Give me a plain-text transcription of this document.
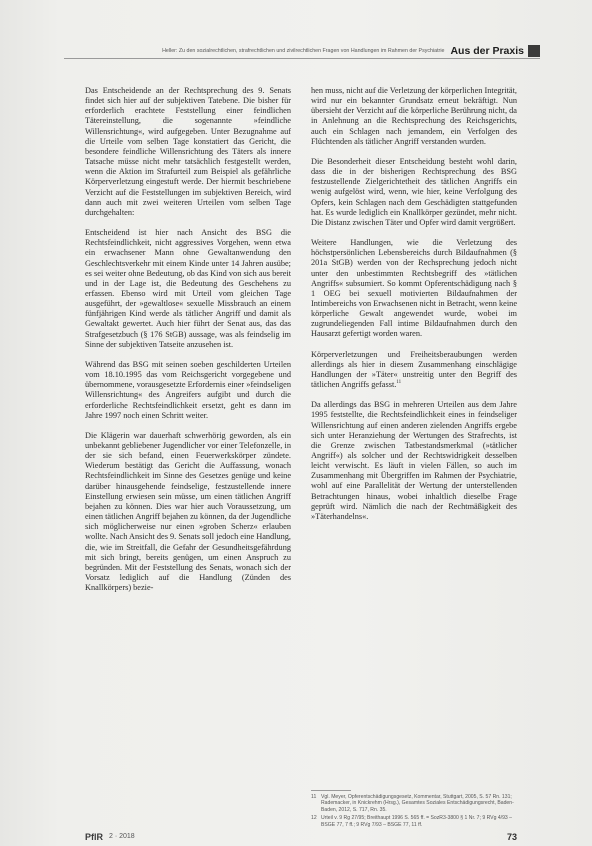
Heller: Zu den sozialrechtlichen, strafrechtlichen und zivilrechtlichen Fragen von Handlungen im Rahmen der Psychiatrie Aus der Praxis

Das Entscheidende an der Rechtsprechung des 9. Senats findet sich hier auf der subjektiven Tatebene. Die bisher für erforderlich erachtete Feststellung einer feindlichen Tätereinstellung, die sogenannte »feindliche Willensrichtung«, wird aufgegeben. Unter Bezugnahme auf die Urteile vom selben Tage konstatiert das Gericht, die besondere feindliche Willensrichtung des Täters als innere Tatsache müsse nicht mehr tatsächlich festgestellt werden, wenn die Aktion im Strafurteil zum Beispiel als gefährliche Körperverletzung eingestuft werde. Der hiermit beschriebene Verzicht auf die Feststellungen im subjektiven Bereich, wird dann auch mit zwei weiteren Urteilen vom selben Tage durchgehalten:

Entscheidend ist hier nach Ansicht des BSG die Rechtsfeindlichkeit, nicht aggressives Vorgehen, wenn etwa ein erwachsener Mann ohne Gewaltanwendung den Geschlechtsverkehr mit einem Kinde unter 14 Jahren ausübe; es sei weiter ohne Bedeutung, ob das Kind von sich aus bereit und in der Lage ist, die Bedeutung des Geschehens zu erfassen. Ebenso wird mit Urteil vom gleichen Tage ausgeführt, der »gewaltlose« sexuelle Missbrauch an einem fünfjährigen Kind werde als tätlicher Angriff und damit als Gewaltakt gewertet. Auch hier führt der Senat aus, das das Strafgesetzbuch (§ 176 StGB) aussage, was als feindselig im Sinne der subjektiven Tatseite anzusehen ist.

Während das BSG mit seinen soeben geschilderten Urteilen vom 18.10.1995 das vom Reichsgericht vorgegebene und übernommene, vorausgesetzte Erfordernis einer »feindseligen Willensrichtung« des Angreifers aufgibt und durch die erforderliche Rechtsfeindlichkeit ersetzt, geht es dann im Jahre 1997 noch einen Schritt weiter.

Die Klägerin war dauerhaft schwerhörig geworden, als ein unbekannt gebliebener Jugendlicher vor einer Telefonzelle, in der sie sich befand, einen Feuerwerkskörper zündete. Wiederum bestätigt das Gericht die Auffassung, wonach Rechtsfeindlichkeit im Sinne des Gesetzes genüge und keine darüber hinausgehende feindselige, festzustellende innere Einstellung erwiesen sein müsse, um einen tätlichen Angriff bejahen zu können. Dies war hier auch Voraussetzung, um einen tätlichen Angriff bejahen zu können, da der Jugendliche sich möglicherweise nur einen »groben Scherz« erlauben wollte. Nach Ansicht des 9. Senats soll jedoch eine Handlung, die, wie im Streitfall, die Gefahr der Gesundheitsgefährdung mit sich bringt, bereits genügen, um einen Anspruch zu begründen. Mit der Feststellung des Senats, wonach sich der Vorsatz lediglich auf die Handlung (Zünden des Knallkörpers) bezie-

hen muss, nicht auf die Verletzung der körperlichen Integrität, wird nur ein bekannter Grundsatz erneut bekräftigt. Nun übersieht der Verzicht auf die körperliche Berührung nicht, da in Anlehnung an die Rechtsprechung des Reichsgerichts, auch ein Schlagen nach jemandem, ein Verfolgen des Flüchtenden als tätlicher Angriff verstanden wurden.

Die Besonderheit dieser Entscheidung besteht wohl darin, dass die in der bisherigen Rechtsprechung des BSG festzustellende Zielgerichtetheit des tätlichen Angriffs ein wenig aufgelöst wird, wenn, wie hier, keine Verfolgung des Opfers, kein Schlagen nach dem Geschädigten stattgefunden hat. Es wurde lediglich ein Knallkörper gezündet, mehr nicht. Die Distanz zwischen Täter und Opfer wird damit vergrößert.

Weitere Handlungen, wie die Verletzung des höchstpersönlichen Lebensbereichs durch Bildaufnahmen (§ 201a StGB) werden von der Rechsprechung jedoch nicht unter den unbestimmten Rechtsbegriff des »tätlichen Angriffs« subsumiert. So kommt Opferentschädigung nach § 1 OEG bei sexuell motivierten Bildaufnahmen der Intimbereichs von Erwachsenen nicht in Betracht, wenn keine körperliche Gewalt angewendet wurde, wobei im zugrundeliegenden Fall intime Bildaufnahmen durch den Hausarzt gefertigt worden waren.

Körperverletzungen und Freiheitsberaubungen werden allerdings als hier in diesem Zusammenhang einschlägige Handlungen der »Täter« unstreitig unter den Begriff des tätlichen Angriffs gefasst.$^{11}$

Da allerdings das BSG in mehreren Urteilen aus dem Jahre 1995 feststellte, die Rechtsfeindlichkeit eines in feindseliger Willensrichtung auf einen anderen zielenden Angriffs ergebe sich unter Heranziehung der Wertungen des Strafrechts, ist die Grenze zwischen Tatbestandsmerkmal (»tätlicher Angriff«) als solcher und der Rechtswidrigkeit desselben leicht verwischt. Es läuft in vielen Fällen, so auch im Zusammenhang mit Übergriffen im Rahmen der Psychiatrie, wohl auf eine Parallelität der Wertung der unterstellenden Betrachtungen hinaus, wobei inhaltlich dieselbe Frage geprüft wird. Nämlich die nach der Rechtmäßigkeit des »Täterhandelns«.

11 Vgl. Meyer, Opferentschädigungsgesetz, Kommentar, Stuttgart, 2005, S. 57 Rn. 131; Rademacker, in Knickrehm (Hrsg.), Gesamtes Soziales Entschädigungsrecht, Baden-Baden, 2012, S. 717, Rn. 35.
12 Urteil v. 9 Rg 27/95; Breithaupt 1996 S. 565 ff. = SozR3-3800 § 1 Nr. 7; 9 RVg 4/93 – BSGE 77, 7 ff.; 9 RVg 7/93 – BSGE 77, 11 ff.
PflR 2 · 2018	73
